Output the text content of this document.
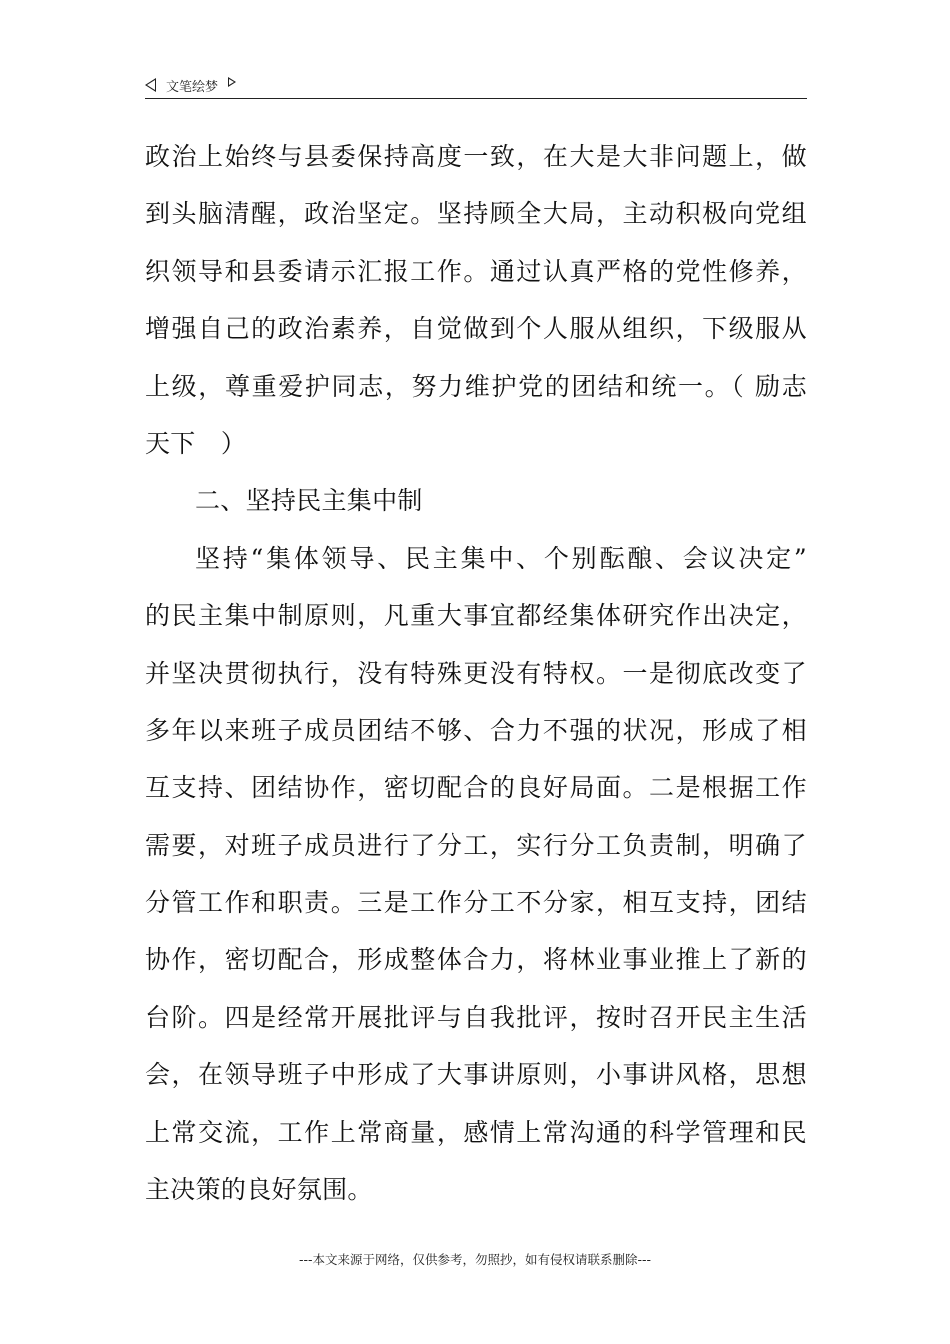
文笔绘梦
政治上始终与县委保持高度一致，在大是大非问题上，做
到头脑清醒，政治坚定。坚持顾全大局，主动积极向党组
织领导和县委请示汇报工作。通过认真严格的党性修养，
增强自己的政治素养，自觉做到个人服从组织，下级服从
上级，尊重爱护同志，努力维护党的团结和统一。（ 励志
天下　）
二、坚持民主集中制
坚持“集体领导、民主集中、个别酝酿、会议决定”
的民主集中制原则，凡重大事宜都经集体研究作出决定，
并坚决贯彻执行，没有特殊更没有特权。一是彻底改变了
多年以来班子成员团结不够、合力不强的状况，形成了相
互支持、团结协作，密切配合的良好局面。二是根据工作
需要，对班子成员进行了分工，实行分工负责制，明确了
分管工作和职责。三是工作分工不分家，相互支持，团结
协作，密切配合，形成整体合力，将林业事业推上了新的
台阶。四是经常开展批评与自我批评，按时召开民主生活
会，在领导班子中形成了大事讲原则，小事讲风格，思想
上常交流，工作上常商量，感情上常沟通的科学管理和民
主决策的良好氛围。
---本文来源于网络，仅供参考，勿照抄，如有侵权请联系删除---
